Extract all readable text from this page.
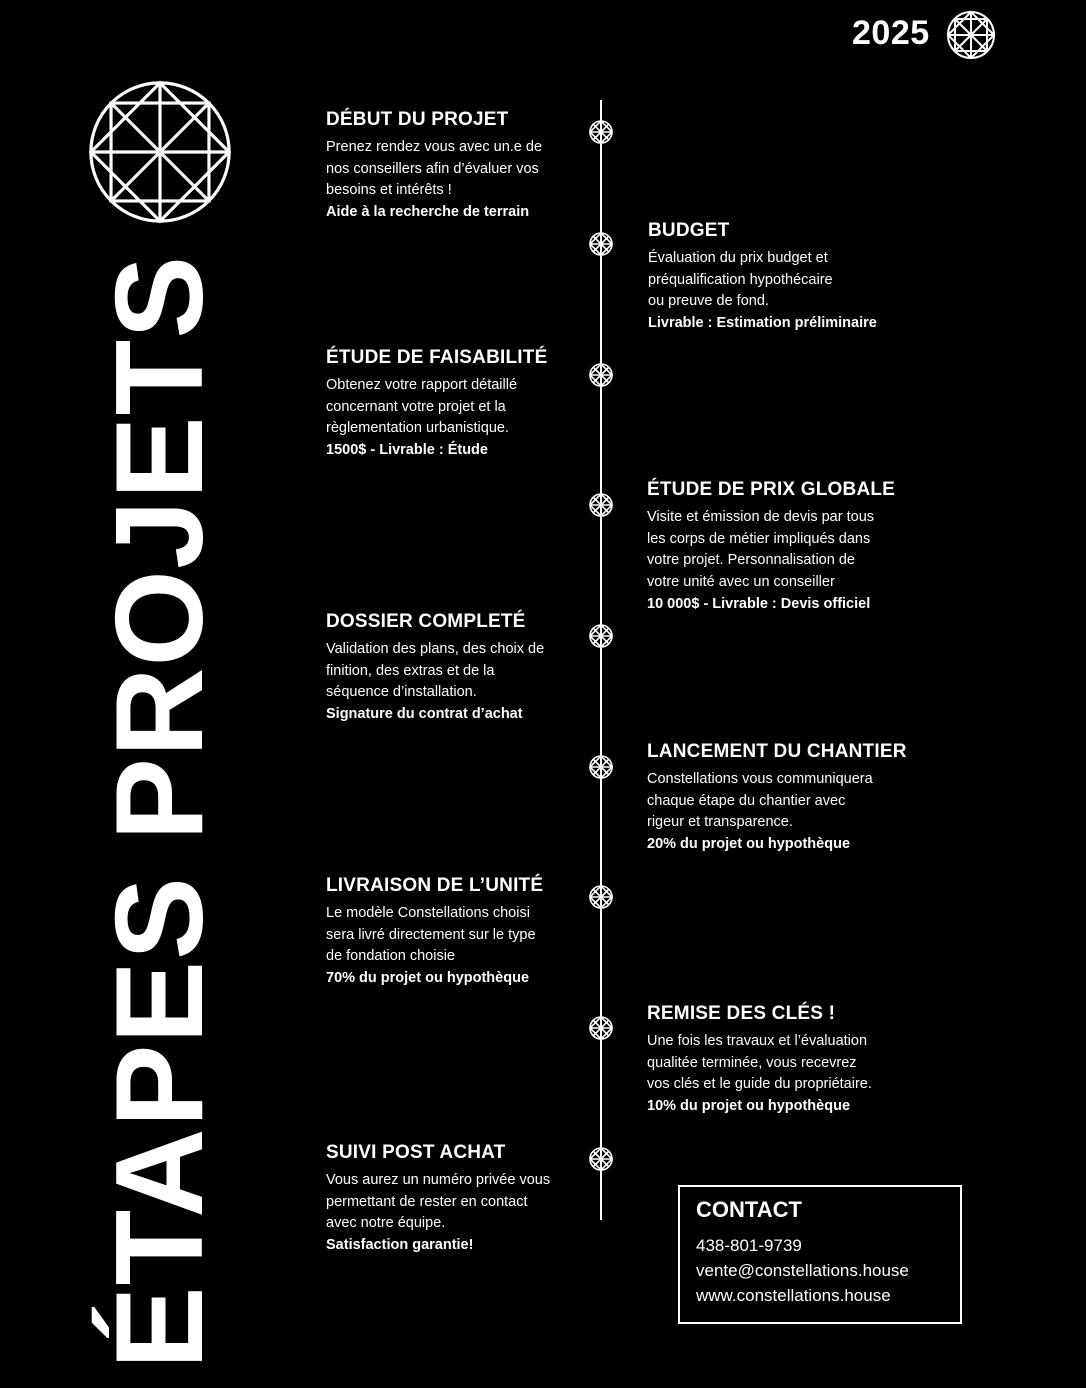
2025
ÉTAPES PROJETS
DÉBUT DU PROJET
Prenez rendez vous avec un.e de
nos conseillers afin d’évaluer vos
besoins et intérêts !
Aide à la recherche de terrain
BUDGET
Évaluation du prix budget et
préqualification hypothécaire
ou preuve de fond.
Livrable : Estimation préliminaire
ÉTUDE DE FAISABILITÉ
Obtenez votre rapport détaillé
concernant votre projet et la
règlementation urbanistique.
1500$ - Livrable : Étude
ÉTUDE DE PRIX GLOBALE
Visite et émission de devis par tous
les corps de métier impliqués dans
votre projet. Personnalisation de
votre unité avec un conseiller
10 000$ - Livrable : Devis officiel
DOSSIER COMPLETÉ
Validation des plans, des choix de
finition, des extras et de la
séquence d’installation.
Signature du contrat d’achat
LANCEMENT DU CHANTIER
Constellations vous communiquera
chaque étape du chantier avec
rigeur et transparence.
20% du projet ou hypothèque
LIVRAISON DE L’UNITÉ
Le modèle Constellations choisi
sera livré directement sur le type
de fondation choisie
70% du projet ou hypothèque
REMISE DES CLÉS !
Une fois les travaux et l’évaluation
qualitée terminée, vous recevrez
vos clés et le guide du propriétaire.
10% du projet ou hypothèque
SUIVI POST ACHAT
Vous aurez un numéro privée vous
permettant de rester en contact
avec notre équipe.
Satisfaction garantie!
CONTACT
438-801-9739
vente@constellations.house
www.constellations.house
